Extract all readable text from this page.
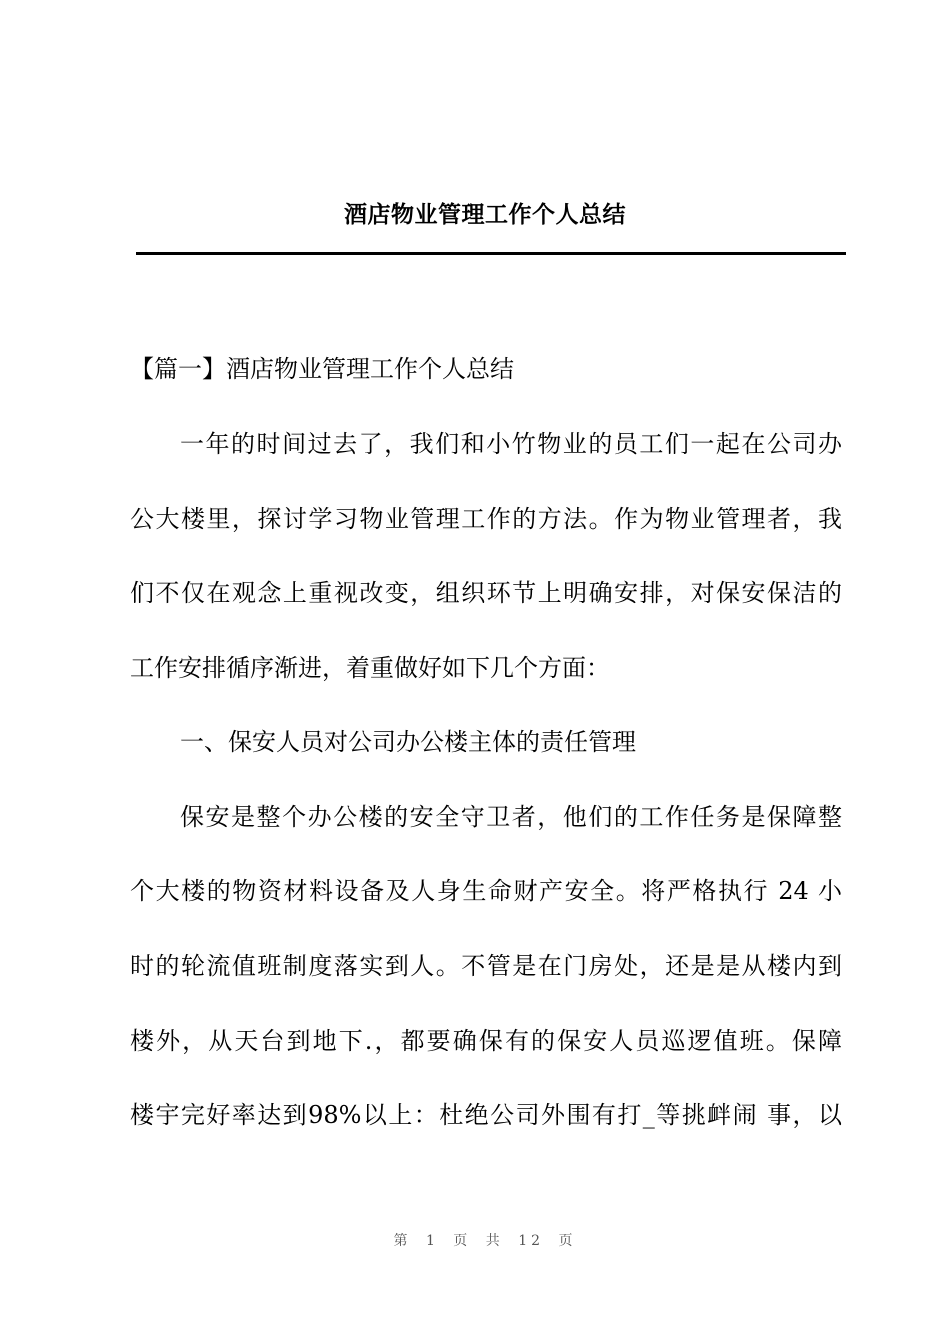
酒店物业管理工作个人总结
【篇一】酒店物业管理工作个人总结
一年的时间过去了，我们和小竹物业的员工们一起在公司办
公大楼里，探讨学习物业管理工作的方法。作为物业管理者，我
们不仅在观念上重视改变，组织环节上明确安排，对保安保洁的
工作安排循序渐进，着重做好如下几个方面：
一、保安人员对公司办公楼主体的责任管理
保安是整个办公楼的安全守卫者，他们的工作任务是保障整
个大楼的物资材料设备及人身生命财产安全。将严格执行 24 小
时的轮流值班制度落实到人。不管是在门房处，还是是从楼内到
楼外，从天台到地下.，都要确保有的保安人员巡逻值班。保障
楼宇完好率达到98%以上：杜绝公司外围有打_等挑衅闹 事，以
第 1 页 共 12 页
